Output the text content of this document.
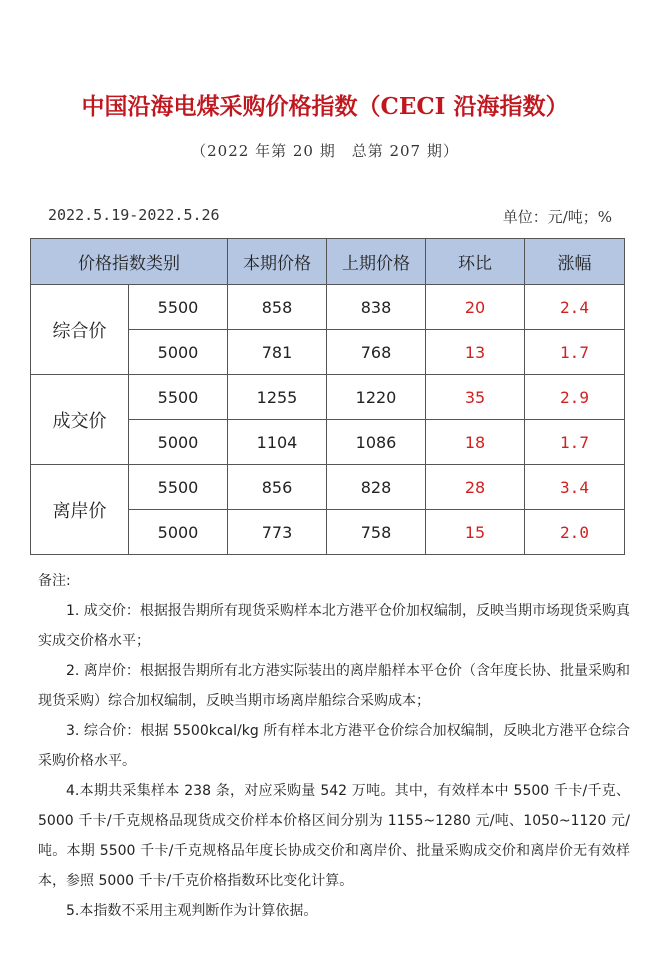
中国沿海电煤采购价格指数（CECI 沿海指数）
（2022 年第 20 期　总第 207 期）
2022.5.19-2022.5.26	单位：元/吨；%
价格指数类别		本期价格	上期价格	环比	涨幅
综合价	5500	858	838	20	2.4
	5000	781	768	13	1.7
成交价	5500	1255	1220	35	2.9
	5000	1104	1086	18	1.7
离岸价	5500	856	828	28	3.4
	5000	773	758	15	2.0

备注:

1. 成交价：根据报告期所有现货采购样本北方港平仓价加权编制，反映当期市场现货采购真实成交价格水平；

2. 离岸价：根据报告期所有北方港实际装出的离岸船样本平仓价（含年度长协、批量采购和现货采购）综合加权编制，反映当期市场离岸船综合采购成本；

3. 综合价：根据 5500kcal/kg 所有样本北方港平仓价综合加权编制，反映北方港平仓综合采购价格水平。

4.本期共采集样本 238 条，对应采购量 542 万吨。其中，有效样本中 5500 千卡/千克、5000 千卡/千克规格品现货成交价样本价格区间分别为 1155~1280 元/吨、1050~1120 元/吨。本期 5500 千卡/千克规格品年度长协成交价和离岸价、批量采购成交价和离岸价无有效样本，参照 5000 千卡/千克价格指数环比变化计算。

5.本指数不采用主观判断作为计算依据。
